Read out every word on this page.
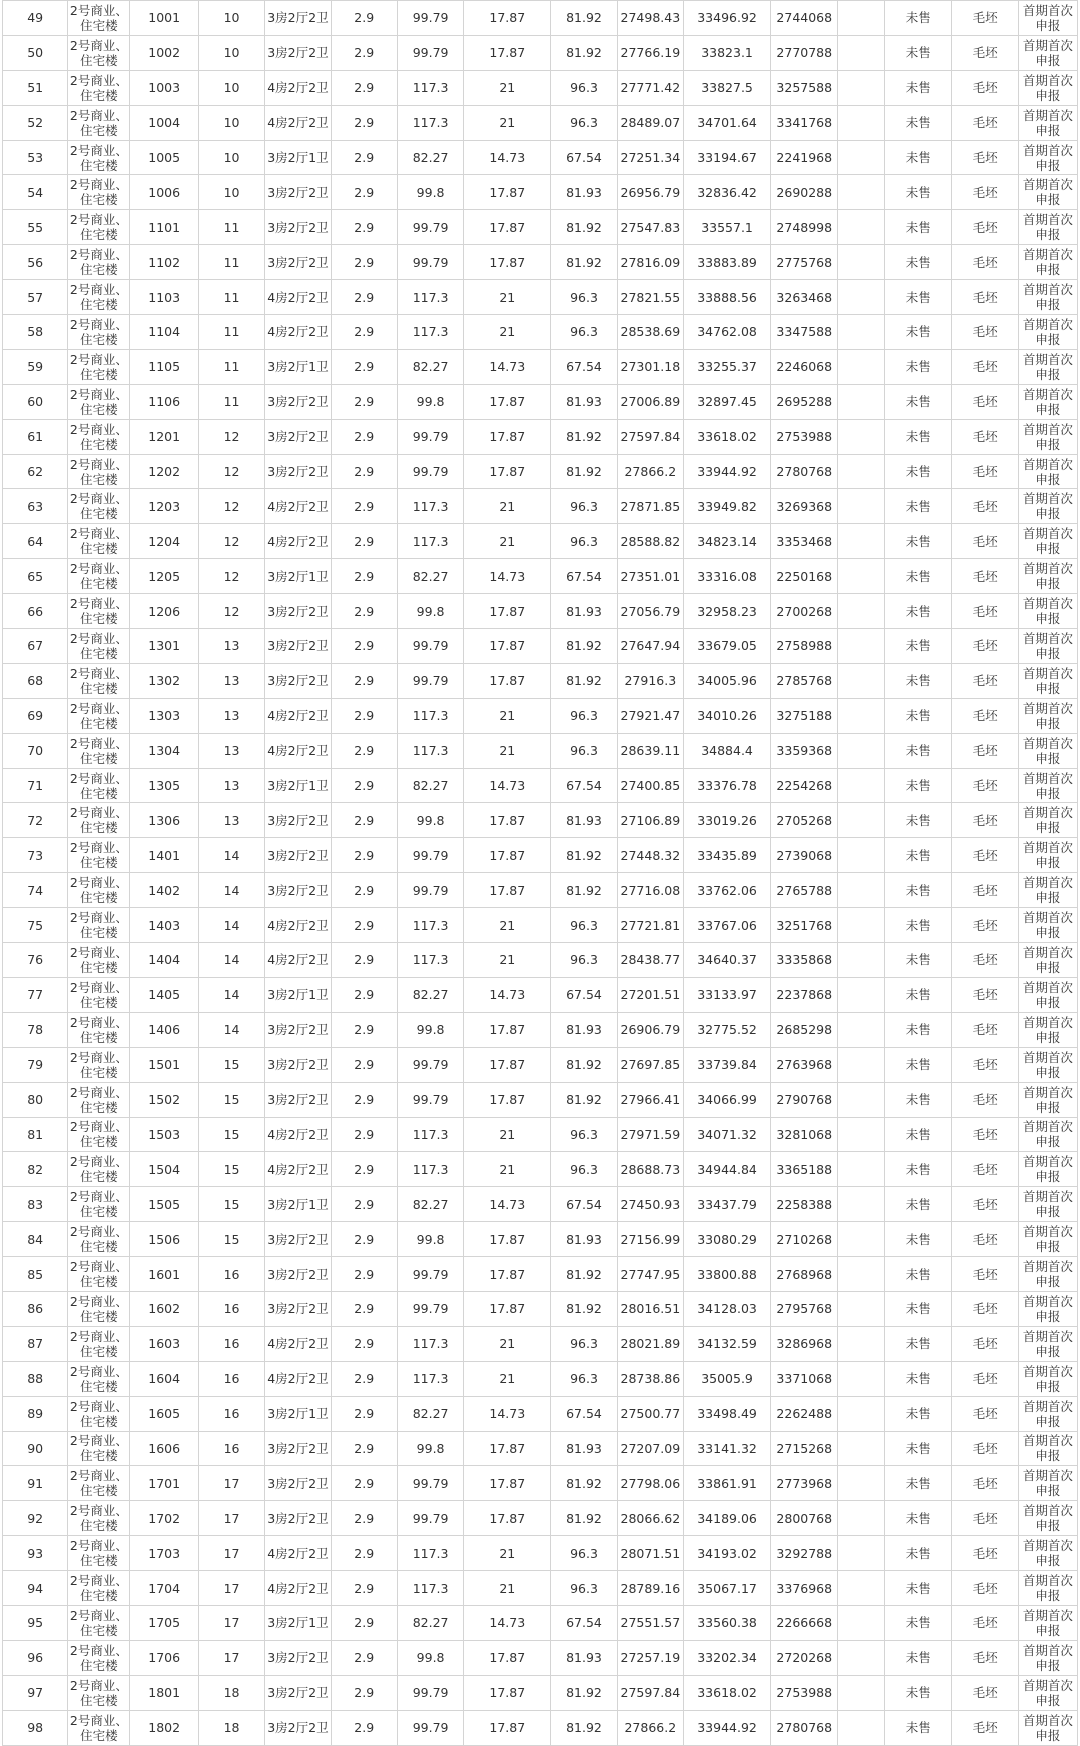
49	2号商业、住宅楼	1001	10	3房2厅2卫	2.9	99.79	17.87	81.92	27498.43	33496.92	2744068		未售	毛坯	首期首次申报
50	2号商业、住宅楼	1002	10	3房2厅2卫	2.9	99.79	17.87	81.92	27766.19	33823.1	2770788		未售	毛坯	首期首次申报
51	2号商业、住宅楼	1003	10	4房2厅2卫	2.9	117.3	21	96.3	27771.42	33827.5	3257588		未售	毛坯	首期首次申报
52	2号商业、住宅楼	1004	10	4房2厅2卫	2.9	117.3	21	96.3	28489.07	34701.64	3341768		未售	毛坯	首期首次申报
53	2号商业、住宅楼	1005	10	3房2厅1卫	2.9	82.27	14.73	67.54	27251.34	33194.67	2241968		未售	毛坯	首期首次申报
54	2号商业、住宅楼	1006	10	3房2厅2卫	2.9	99.8	17.87	81.93	26956.79	32836.42	2690288		未售	毛坯	首期首次申报
55	2号商业、住宅楼	1101	11	3房2厅2卫	2.9	99.79	17.87	81.92	27547.83	33557.1	2748998		未售	毛坯	首期首次申报
56	2号商业、住宅楼	1102	11	3房2厅2卫	2.9	99.79	17.87	81.92	27816.09	33883.89	2775768		未售	毛坯	首期首次申报
57	2号商业、住宅楼	1103	11	4房2厅2卫	2.9	117.3	21	96.3	27821.55	33888.56	3263468		未售	毛坯	首期首次申报
58	2号商业、住宅楼	1104	11	4房2厅2卫	2.9	117.3	21	96.3	28538.69	34762.08	3347588		未售	毛坯	首期首次申报
59	2号商业、住宅楼	1105	11	3房2厅1卫	2.9	82.27	14.73	67.54	27301.18	33255.37	2246068		未售	毛坯	首期首次申报
60	2号商业、住宅楼	1106	11	3房2厅2卫	2.9	99.8	17.87	81.93	27006.89	32897.45	2695288		未售	毛坯	首期首次申报
61	2号商业、住宅楼	1201	12	3房2厅2卫	2.9	99.79	17.87	81.92	27597.84	33618.02	2753988		未售	毛坯	首期首次申报
62	2号商业、住宅楼	1202	12	3房2厅2卫	2.9	99.79	17.87	81.92	27866.2	33944.92	2780768		未售	毛坯	首期首次申报
63	2号商业、住宅楼	1203	12	4房2厅2卫	2.9	117.3	21	96.3	27871.85	33949.82	3269368		未售	毛坯	首期首次申报
64	2号商业、住宅楼	1204	12	4房2厅2卫	2.9	117.3	21	96.3	28588.82	34823.14	3353468		未售	毛坯	首期首次申报
65	2号商业、住宅楼	1205	12	3房2厅1卫	2.9	82.27	14.73	67.54	27351.01	33316.08	2250168		未售	毛坯	首期首次申报
66	2号商业、住宅楼	1206	12	3房2厅2卫	2.9	99.8	17.87	81.93	27056.79	32958.23	2700268		未售	毛坯	首期首次申报
67	2号商业、住宅楼	1301	13	3房2厅2卫	2.9	99.79	17.87	81.92	27647.94	33679.05	2758988		未售	毛坯	首期首次申报
68	2号商业、住宅楼	1302	13	3房2厅2卫	2.9	99.79	17.87	81.92	27916.3	34005.96	2785768		未售	毛坯	首期首次申报
69	2号商业、住宅楼	1303	13	4房2厅2卫	2.9	117.3	21	96.3	27921.47	34010.26	3275188		未售	毛坯	首期首次申报
70	2号商业、住宅楼	1304	13	4房2厅2卫	2.9	117.3	21	96.3	28639.11	34884.4	3359368		未售	毛坯	首期首次申报
71	2号商业、住宅楼	1305	13	3房2厅1卫	2.9	82.27	14.73	67.54	27400.85	33376.78	2254268		未售	毛坯	首期首次申报
72	2号商业、住宅楼	1306	13	3房2厅2卫	2.9	99.8	17.87	81.93	27106.89	33019.26	2705268		未售	毛坯	首期首次申报
73	2号商业、住宅楼	1401	14	3房2厅2卫	2.9	99.79	17.87	81.92	27448.32	33435.89	2739068		未售	毛坯	首期首次申报
74	2号商业、住宅楼	1402	14	3房2厅2卫	2.9	99.79	17.87	81.92	27716.08	33762.06	2765788		未售	毛坯	首期首次申报
75	2号商业、住宅楼	1403	14	4房2厅2卫	2.9	117.3	21	96.3	27721.81	33767.06	3251768		未售	毛坯	首期首次申报
76	2号商业、住宅楼	1404	14	4房2厅2卫	2.9	117.3	21	96.3	28438.77	34640.37	3335868		未售	毛坯	首期首次申报
77	2号商业、住宅楼	1405	14	3房2厅1卫	2.9	82.27	14.73	67.54	27201.51	33133.97	2237868		未售	毛坯	首期首次申报
78	2号商业、住宅楼	1406	14	3房2厅2卫	2.9	99.8	17.87	81.93	26906.79	32775.52	2685298		未售	毛坯	首期首次申报
79	2号商业、住宅楼	1501	15	3房2厅2卫	2.9	99.79	17.87	81.92	27697.85	33739.84	2763968		未售	毛坯	首期首次申报
80	2号商业、住宅楼	1502	15	3房2厅2卫	2.9	99.79	17.87	81.92	27966.41	34066.99	2790768		未售	毛坯	首期首次申报
81	2号商业、住宅楼	1503	15	4房2厅2卫	2.9	117.3	21	96.3	27971.59	34071.32	3281068		未售	毛坯	首期首次申报
82	2号商业、住宅楼	1504	15	4房2厅2卫	2.9	117.3	21	96.3	28688.73	34944.84	3365188		未售	毛坯	首期首次申报
83	2号商业、住宅楼	1505	15	3房2厅1卫	2.9	82.27	14.73	67.54	27450.93	33437.79	2258388		未售	毛坯	首期首次申报
84	2号商业、住宅楼	1506	15	3房2厅2卫	2.9	99.8	17.87	81.93	27156.99	33080.29	2710268		未售	毛坯	首期首次申报
85	2号商业、住宅楼	1601	16	3房2厅2卫	2.9	99.79	17.87	81.92	27747.95	33800.88	2768968		未售	毛坯	首期首次申报
86	2号商业、住宅楼	1602	16	3房2厅2卫	2.9	99.79	17.87	81.92	28016.51	34128.03	2795768		未售	毛坯	首期首次申报
87	2号商业、住宅楼	1603	16	4房2厅2卫	2.9	117.3	21	96.3	28021.89	34132.59	3286968		未售	毛坯	首期首次申报
88	2号商业、住宅楼	1604	16	4房2厅2卫	2.9	117.3	21	96.3	28738.86	35005.9	3371068		未售	毛坯	首期首次申报
89	2号商业、住宅楼	1605	16	3房2厅1卫	2.9	82.27	14.73	67.54	27500.77	33498.49	2262488		未售	毛坯	首期首次申报
90	2号商业、住宅楼	1606	16	3房2厅2卫	2.9	99.8	17.87	81.93	27207.09	33141.32	2715268		未售	毛坯	首期首次申报
91	2号商业、住宅楼	1701	17	3房2厅2卫	2.9	99.79	17.87	81.92	27798.06	33861.91	2773968		未售	毛坯	首期首次申报
92	2号商业、住宅楼	1702	17	3房2厅2卫	2.9	99.79	17.87	81.92	28066.62	34189.06	2800768		未售	毛坯	首期首次申报
93	2号商业、住宅楼	1703	17	4房2厅2卫	2.9	117.3	21	96.3	28071.51	34193.02	3292788		未售	毛坯	首期首次申报
94	2号商业、住宅楼	1704	17	4房2厅2卫	2.9	117.3	21	96.3	28789.16	35067.17	3376968		未售	毛坯	首期首次申报
95	2号商业、住宅楼	1705	17	3房2厅1卫	2.9	82.27	14.73	67.54	27551.57	33560.38	2266668		未售	毛坯	首期首次申报
96	2号商业、住宅楼	1706	17	3房2厅2卫	2.9	99.8	17.87	81.93	27257.19	33202.34	2720268		未售	毛坯	首期首次申报
97	2号商业、住宅楼	1801	18	3房2厅2卫	2.9	99.79	17.87	81.92	27597.84	33618.02	2753988		未售	毛坯	首期首次申报
98	2号商业、住宅楼	1802	18	3房2厅2卫	2.9	99.79	17.87	81.92	27866.2	33944.92	2780768		未售	毛坯	首期首次申报
